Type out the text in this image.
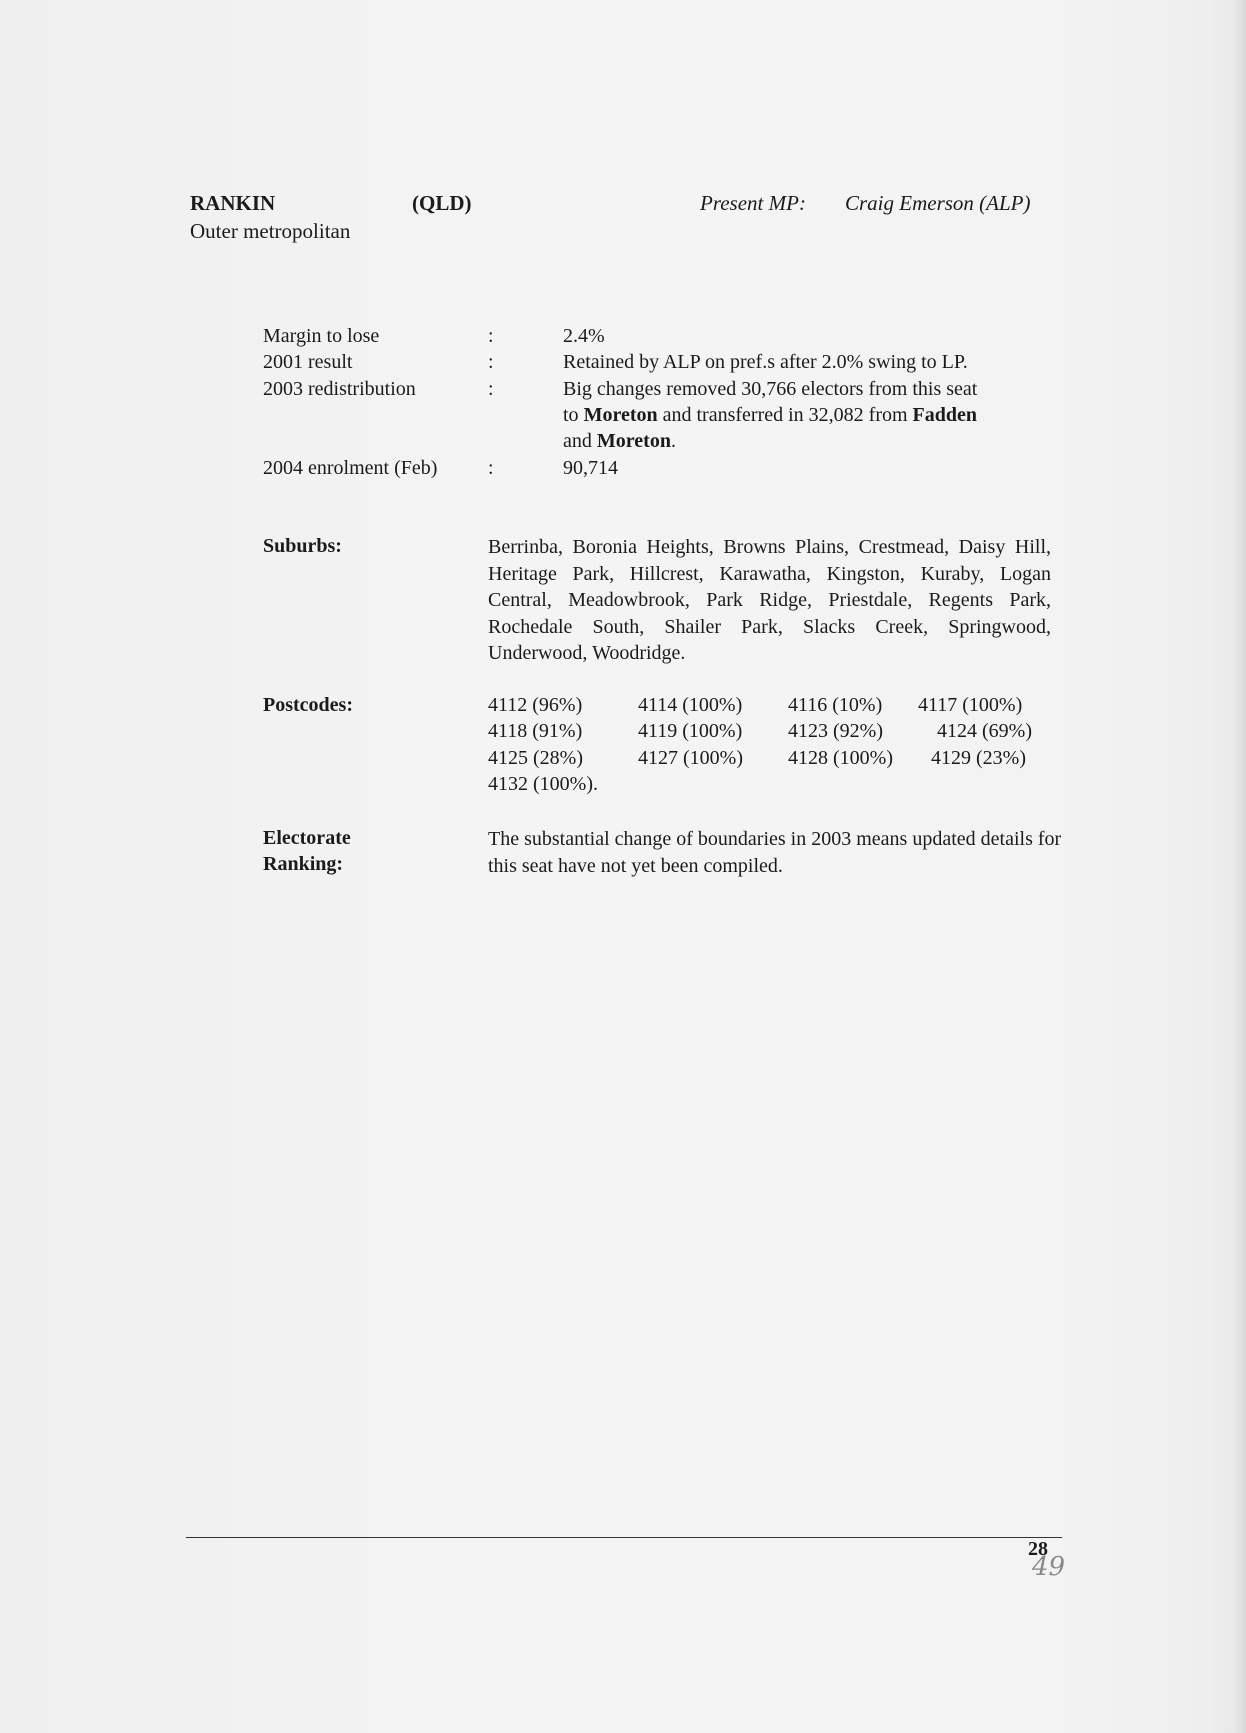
RANKIN	(QLD)	Present MP: Craig Emerson (ALP)
Outer metropolitan
Margin to lose	:	2.4%
2001 result	:	Retained by ALP on pref.s after 2.0% swing to LP.
2003 redistribution	:	Big changes removed 30,766 electors from this seat
to Moreton and transferred in 32,082 from Fadden
and Moreton.
2004 enrolment (Feb)	:	90,714
Suburbs:	Berrinba, Boronia Heights, Browns Plains, Crestmead, Daisy Hill, Heritage Park, Hillcrest, Karawatha, Kingston, Kuraby, Logan Central, Meadowbrook, Park Ridge, Priestdale, Regents Park, Rochedale South, Shailer Park, Slacks Creek, Springwood, Underwood, Woodridge.
Postcodes:	4112 (96%)	4114 (100%) 4116 (10%) 4117 (100%)
4118 (91%)	4119 (100%) 4123 (92%)	4124 (69%)
4125 (28%)	4127 (100%) 4128 (100%) 4129 (23%)
4132 (100%).
Electorate
Ranking:
The substantial change of boundaries in 2003 means updated details for this seat have not yet been compiled.
28
49
